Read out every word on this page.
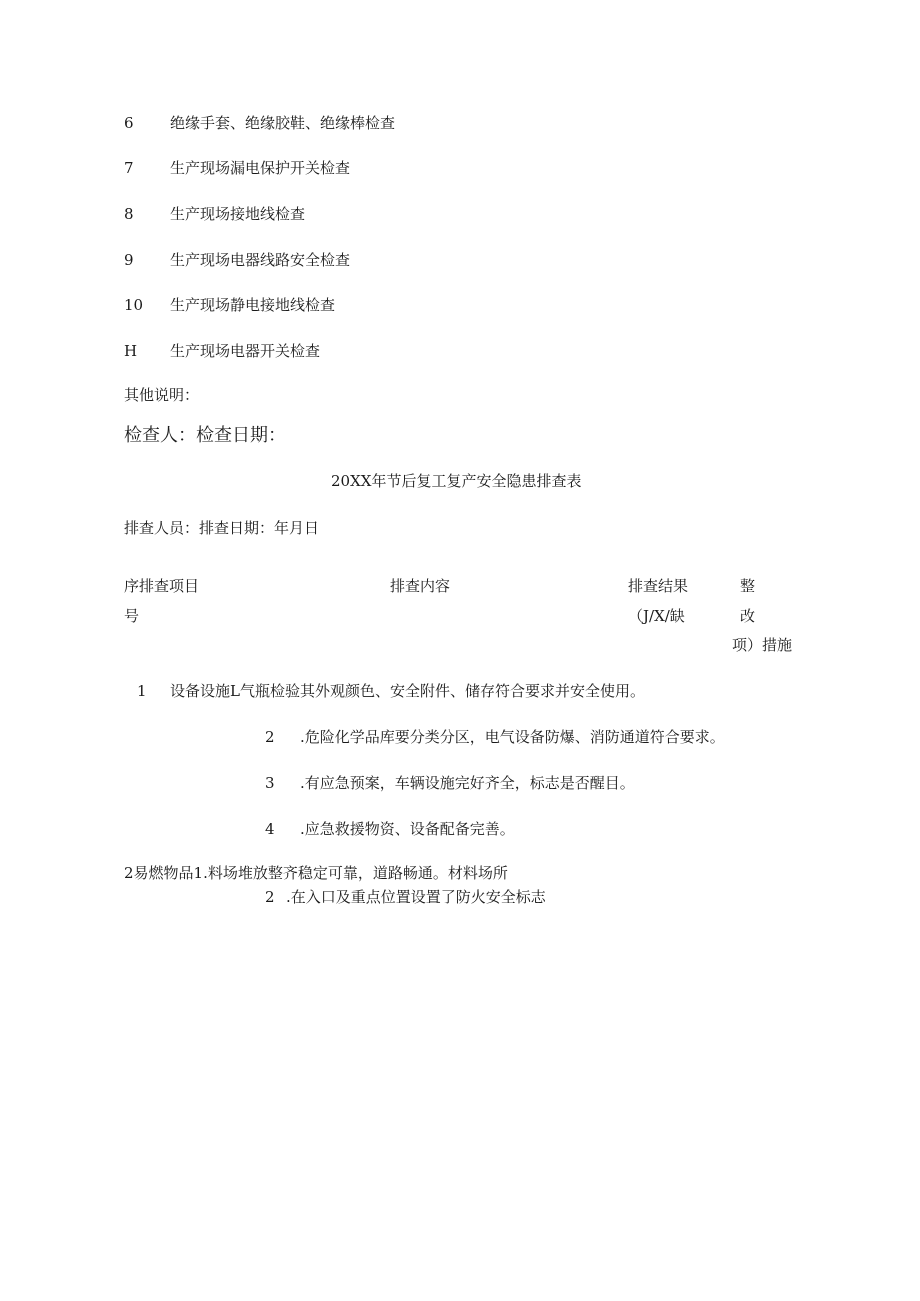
6 绝缘手套、绝缘胶鞋、绝缘棒检查
7 生产现场漏电保护开关检查
8 生产现场接地线检查
9 生产现场电器线路安全检查
10 生产现场静电接地线检查
H 生产现场电器开关检查
其他说明：
检查人：检查日期：
20XX年节后复工复产安全隐患排查表
排查人员：排查日期：年月日
序排查项目
号
排查内容	排查结果
（J/X/缺
整
改
项）措施
1 设备设施L气瓶检验其外观颜色、安全附件、储存符合要求并安全使用。
2 .危险化学品库要分类分区，电气设备防爆、消防通道符合要求。
3 .有应急预案，车辆设施完好齐全，标志是否醒目。
4 .应急救援物资、设备配备完善。
2易燃物品1.料场堆放整齐稳定可靠，道路畅通。材料场所
2 .在入口及重点位置设置了防火安全标志
